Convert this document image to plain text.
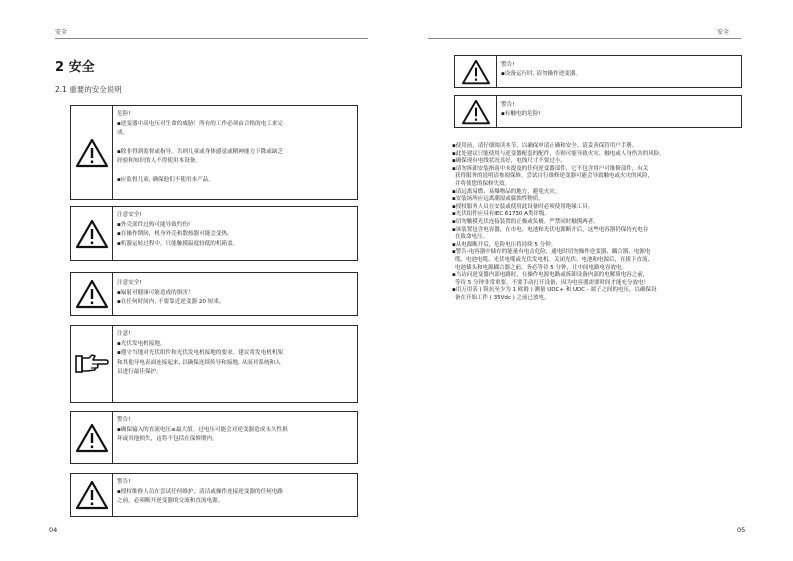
安全
2 安全
2.1 重要的安全说明
危险!
▪逆变器中高电压对生命的威胁！所有的工作必须由合格的电工来完
成。
▪除非得到监督或指导，否则儿童或身体感觉或精神能力下降或缺乏
经验和知识的人不得使用本设备。
▪应监督儿童, 确保他们不使用本产品。
注意安全!
▪外壳部件过热可能导致灼伤!
▪在操作期间，机身外壳和散热器可能会变热。
▪机器运转过程中，只能触摸温度较低的机箱盖。
注意安全!
▪辐射对健康可能造成的损害！
▪在任何时间内, 不要靠近逆变器 20 厘米。
注意!
▪光伏发电机接地。
▪遵守当地对光伏组件和光伏发电机接地的要求。建议将发电机机架
和其他导电表面连接起来, 以确保连续传导和接地, 从而对系统和人
员进行最佳保护。
警告!
▪确保输入的直流电压≤最大值。过电压可能会对逆变器造成永久性损
坏或其他损失，这将不包括在保修期内。
警告!
▪授权维修人员在尝试任何维护、清洁或操作连接逆变器的任何电路
之前，必须断开逆变器的交流和直流电源。
04
安全
警告!
▪设备运行时, 请勿操作逆变器。
警告!
▪有触电的危险!
▪使用前，请仔细阅读本节，以确保申请正确和安全。请妥善保管用户手册。
▪此处建议只能使用与逆变器配套的配件，否则可能导致火灾、触电或人身伤害的风险。
▪确保现有电线状况良好，电线尺寸不要过小。
▪请勿拆卸安装指南中未提及的任何逆变器部件，它不包含用户可维修部件，有关
获得服务的说明请参阅保修。尝试自行维修逆变器可能会导致触电或火灾的风险，
并将使您的保修失效。
▪请远离易燃、易爆物品的地方，避免火灾。
▪安装场所应远离潮湿或腐蚀性物质。
▪授权服务人员在安装或使用此设备时必须使用绝缘工具。
▪光伏组件应具有IEC 61730 A类评级。
▪切勿触摸光伏连接装置的正极或负极。严禁同时触摸两者。
▪该装置包含电容器，在市电、电池和光伏电源断开后，这些电容器仍保持充电存
在致命电压。
▪从电源断开后，危险电压将持续 5 分钟。
▪警告-电容器中储存的能量有电击危险，通电时切勿操作逆变器、耦合器、电源电
缆、电池电缆、光伏电缆或光伏发电机。关闭光伏、电池和电源后，在拔下直流、
电池插头和电源耦合器之前，务必等待 5 分钟，让中间电路电容放电。
▪当访问逆变器内部电路时，在操作电源电路或拆卸设备内部的电解质电容之前，
等待 5 分钟非常重要。不要手动打开设备，因为电容器需要时间才能充分放电！
▪用万用表 ( 阻抗至少为 1 欧姆 ) 测量 UDC+ 和 UDC - 端子之间的电压，以确保设
备在开始工作 ( 35Vdc ) 之前已放电。
05
